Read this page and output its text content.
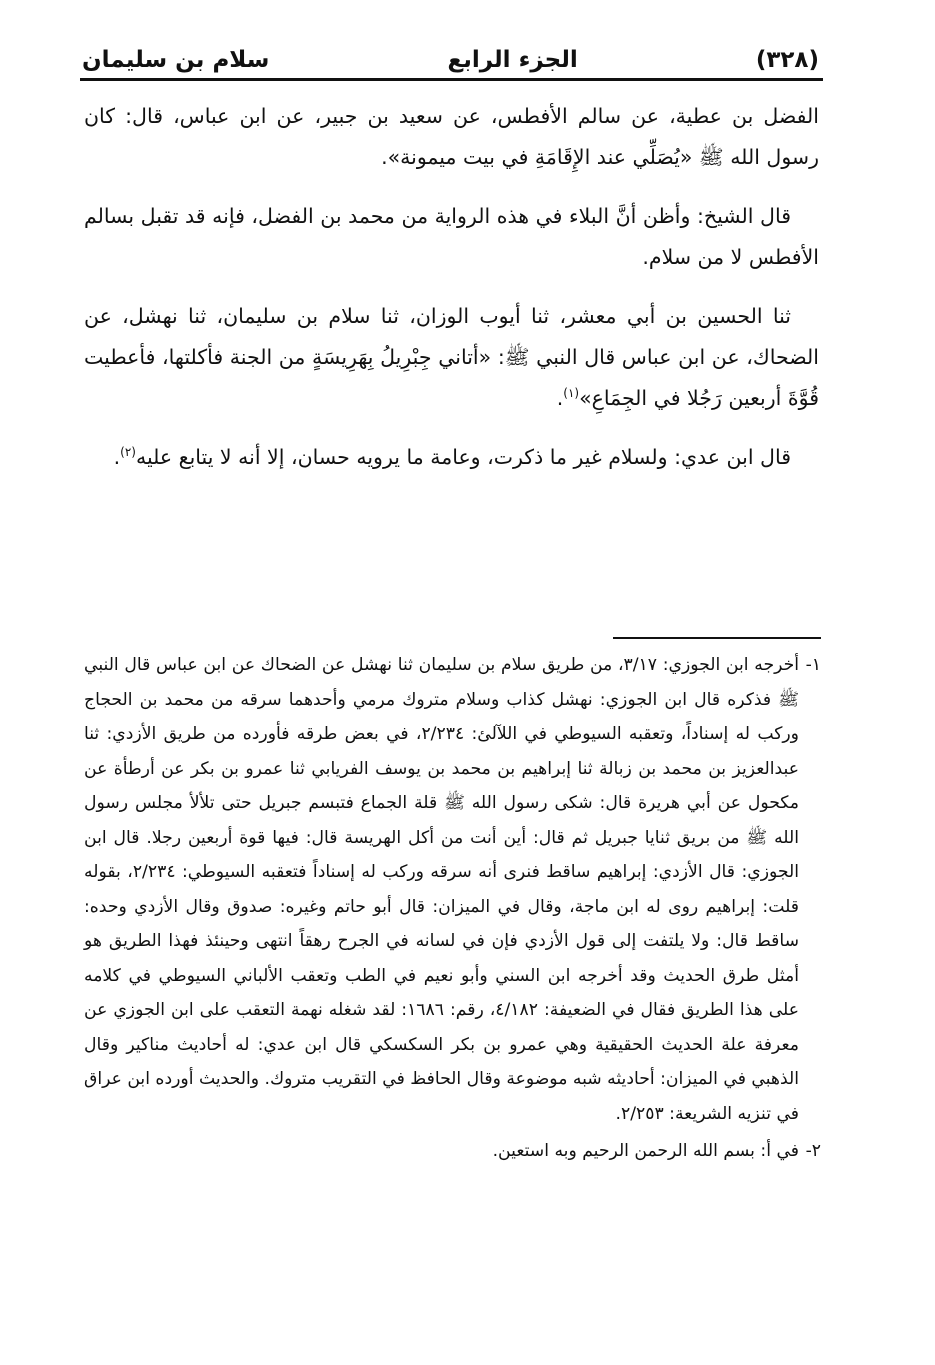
(٣٢٨)
الجزء الرابع
سلام بن سليمان

الفضل بن عطية، عن سالم الأفطس، عن سعيد بن جبير، عن ابن عباس، قال: كان رسول الله ﷺ «يُصَلِّي عند الإِقَامَةِ في بيت ميمونة».

قال الشيخ: وأظن أنَّ البلاء في هذه الرواية من محمد بن الفضل، فإنه قد تقبل بسالم الأفطس لا من سلام.

ثنا الحسين بن أبي معشر، ثنا أيوب الوزان، ثنا سلام بن سليمان، ثنا نهشل، عن الضحاك، عن ابن عباس قال النبي ﷺ: «أتاني جِبْرِيلُ بِهَرِيسَةٍ من الجنة فأكلتها، فأعطيت قُوَّةَ أربعين رَجُلا في الجِمَاعِ»$^{(١)}$.

قال ابن عدي: ولسلام غير ما ذكرت، وعامة ما يرويه حسان، إلا أنه لا يتابع عليه$^{(٢)}$.

١-
أخرجه ابن الجوزي: ٣/١٧، من طريق سلام بن سليمان ثنا نهشل عن الضحاك عن ابن عباس قال النبي ﷺ فذكره قال ابن الجوزي: نهشل كذاب وسلام متروك مرمي وأحدهما سرقه من محمد بن الحجاج وركب له إسناداً، وتعقبه السيوطي في اللآلئ: ٢/٢٣٤، في بعض طرقه فأورده من طريق الأزدي: ثنا عبدالعزيز بن محمد بن زبالة ثنا إبراهيم بن محمد بن يوسف الفريابي ثنا عمرو بن بكر عن أرطأة عن مكحول عن أبي هريرة قال: شكى رسول الله ﷺ قلة الجماع فتبسم جبريل حتى تلألأ مجلس رسول الله ﷺ من بريق ثنايا جبريل ثم قال: أين أنت من أكل الهريسة قال: فيها قوة أربعين رجلا. قال ابن الجوزي: قال الأزدي: إبراهيم ساقط فنرى أنه سرقه وركب له إسناداً فتعقبه السيوطي: ٢/٢٣٤، بقوله قلت: إبراهيم روى له ابن ماجة، وقال في الميزان: قال أبو حاتم وغيره: صدوق وقال الأزدي وحده: ساقط قال: ولا يلتفت إلى قول الأزدي فإن في لسانه في الجرح رهقاً انتهى وحينئذ فهذا الطريق هو أمثل طرق الحديث وقد أخرجه ابن السني وأبو نعيم في الطب وتعقب الألباني السيوطي في كلامه على هذا الطريق فقال في الضعيفة: ٤/١٨٢، رقم: ١٦٨٦: لقد شغله نهمة التعقب على ابن الجوزي عن معرفة علة الحديث الحقيقية وهي عمرو بن بكر السكسكي قال ابن عدي: له أحاديث مناكير وقال الذهبي في الميزان: أحاديثه شبه موضوعة وقال الحافظ في التقريب متروك. والحديث أورده ابن عراق في تنزيه الشريعة: ٢/٢٥٣.
٢-
في أ: بسم الله الرحمن الرحيم وبه استعين.
